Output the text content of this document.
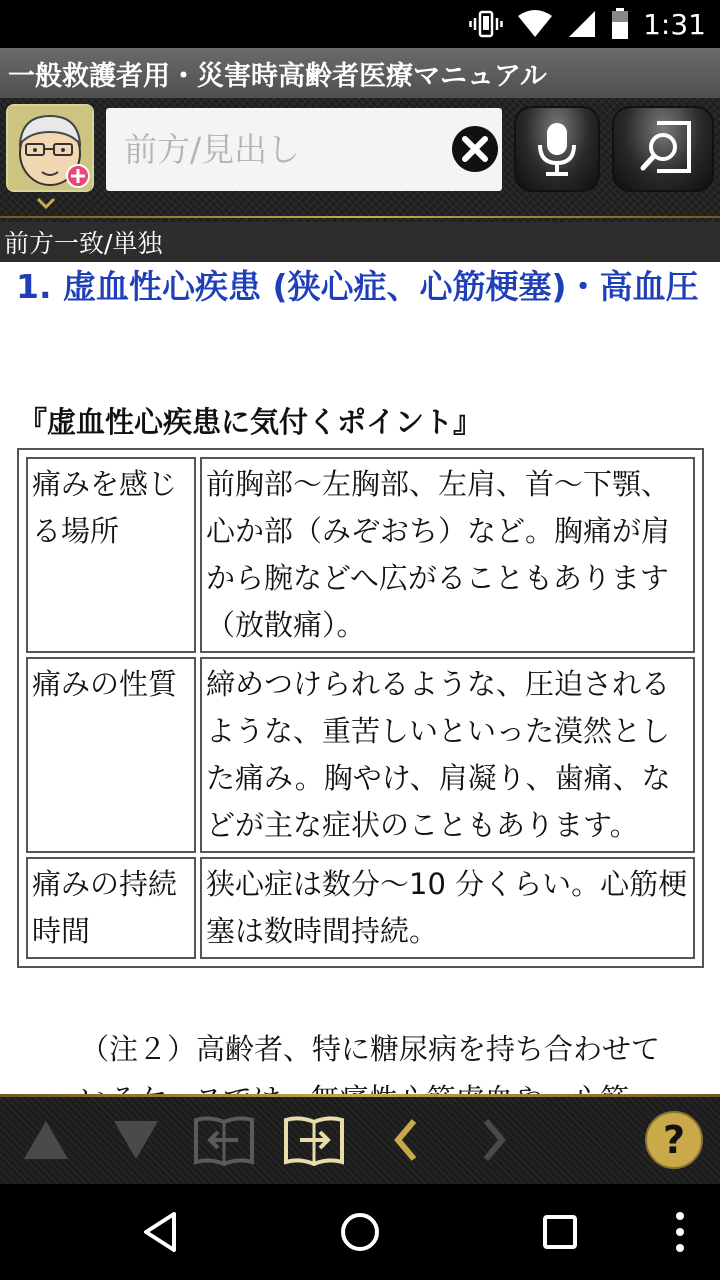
1:31
一般救護者用・災害時高齢者医療マニュアル
前方/見出し
前方一致/単独
1. 虚血性心疾患 (狭心症、心筋梗塞)・高血圧
『虚血性心疾患に気付くポイント』
痛みを感じる場所	前胸部〜左胸部、左肩、首〜下顎、心か部（みぞおち）など。胸痛が肩から腕などへ広がることもあります（放散痛）。
痛みの性質	締めつけられるような、圧迫されるような、重苦しいといった漠然とした痛み。胸やけ、肩凝り、歯痛、などが主な症状のこともあります。
痛みの持続時間	狭心症は数分〜10 分くらい。心筋梗塞は数時間持続。
（注２）高齢者、特に糖尿病を持ち合わせて
?
